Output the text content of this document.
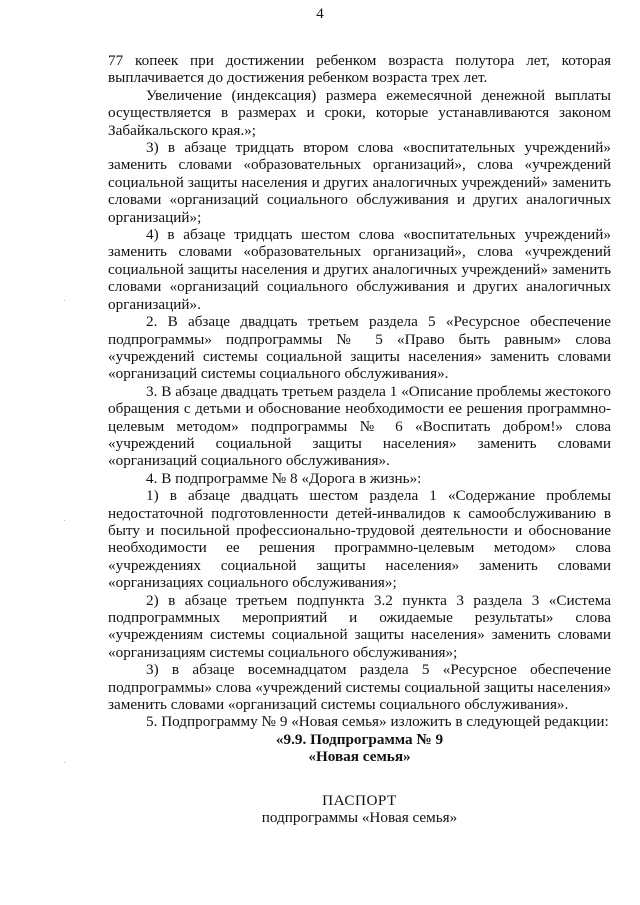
4

77 копеек при достижении ребенком возраста полутора лет, которая выплачивается до достижения ребенком возраста трех лет.

Увеличение (индексация) размера ежемесячной денежной выплаты осуществляется в размерах и сроки, которые устанавливаются законом Забайкальского края.»;

3) в абзаце тридцать втором слова «воспитательных учреждений» заменить словами «образовательных организаций», слова «учреждений социальной защиты населения и других аналогичных учреждений» заменить словами «организаций социального обслуживания и других аналогичных организаций»;

4) в абзаце тридцать шестом слова «воспитательных учреждений» заменить словами «образовательных организаций», слова «учреждений социальной защиты населения и других аналогичных учреждений» заменить словами «организаций социального обслуживания и других аналогичных организаций».

2. В абзаце двадцать третьем раздела 5 «Ресурсное обеспечение подпрограммы» подпрограммы № 5 «Право быть равным» слова «учреждений системы социальной защиты населения» заменить словами «организаций системы социального обслуживания».

3. В абзаце двадцать третьем раздела 1 «Описание проблемы жестокого обращения с детьми и обоснование необходимости ее решения программно-целевым методом» подпрограммы № 6 «Воспитать добром!» слова «учреждений социальной защиты населения» заменить словами «организаций социального обслуживания».

4. В подпрограмме № 8 «Дорога в жизнь»:

1) в абзаце двадцать шестом раздела 1 «Содержание проблемы недостаточной подготовленности детей-инвалидов к самообслуживанию в быту и посильной профессионально-трудовой деятельности и обоснование необходимости ее решения программно-целевым методом» слова «учреждениях социальной защиты населения» заменить словами «организациях социального обслуживания»;

2) в абзаце третьем подпункта 3.2 пункта 3 раздела 3 «Система подпрограммных мероприятий и ожидаемые результаты» слова «учреждениям системы социальной защиты населения» заменить словами «организациям системы социального обслуживания»;

3) в абзаце восемнадцатом раздела 5 «Ресурсное обеспечение подпрограммы» слова «учреждений системы социальной защиты населения» заменить словами «организаций системы социального обслуживания».

5. Подпрограмму № 9 «Новая семья» изложить в следующей редакции:

«9.9. Подпрограмма № 9
«Новая семья»
ПАСПОРТ
подпрограммы «Новая семья»
